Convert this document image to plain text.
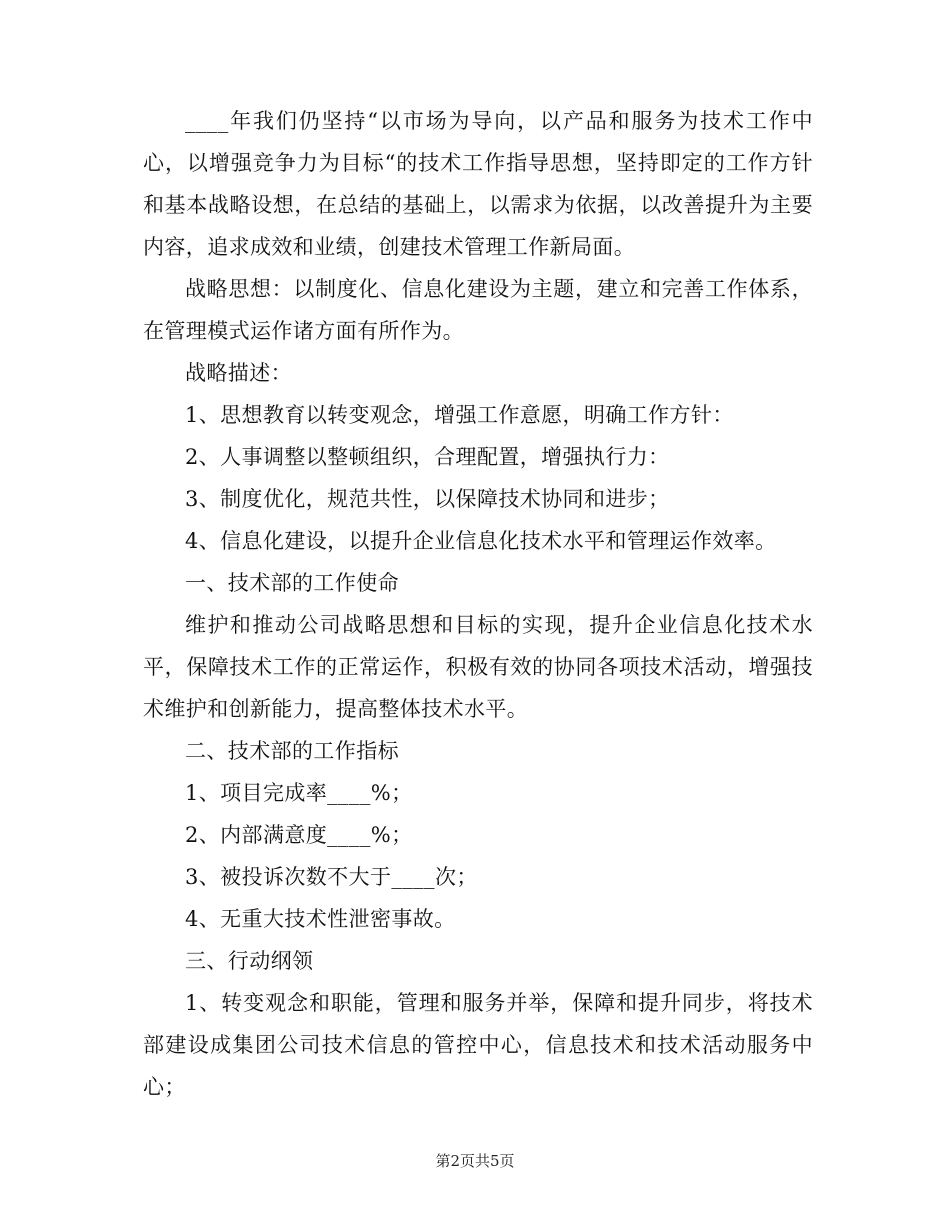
____年我们仍坚持“以市场为导向，以产品和服务为技术工作中心，以增强竞争力为目标“的技术工作指导思想，坚持即定的工作方针和基本战略设想，在总结的基础上，以需求为依据，以改善提升为主要内容，追求成效和业绩，创建技术管理工作新局面。

战略思想：以制度化、信息化建设为主题，建立和完善工作体系，在管理模式运作诸方面有所作为。

战略描述：

1、思想教育以转变观念，增强工作意愿，明确工作方针：

2、人事调整以整顿组织，合理配置，增强执行力：

3、制度优化，规范共性，以保障技术协同和进步；

4、信息化建设，以提升企业信息化技术水平和管理运作效率。

一、技术部的工作使命

维护和推动公司战略思想和目标的实现，提升企业信息化技术水平，保障技术工作的正常运作，积极有效的协同各项技术活动，增强技术维护和创新能力，提高整体技术水平。

二、技术部的工作指标

1、项目完成率____%；

2、内部满意度____%；

3、被投诉次数不大于____次；

4、无重大技术性泄密事故。

三、行动纲领

1、转变观念和职能，管理和服务并举，保障和提升同步，将技术部建设成集团公司技术信息的管控中心，信息技术和技术活动服务中心；

第2页共5页
